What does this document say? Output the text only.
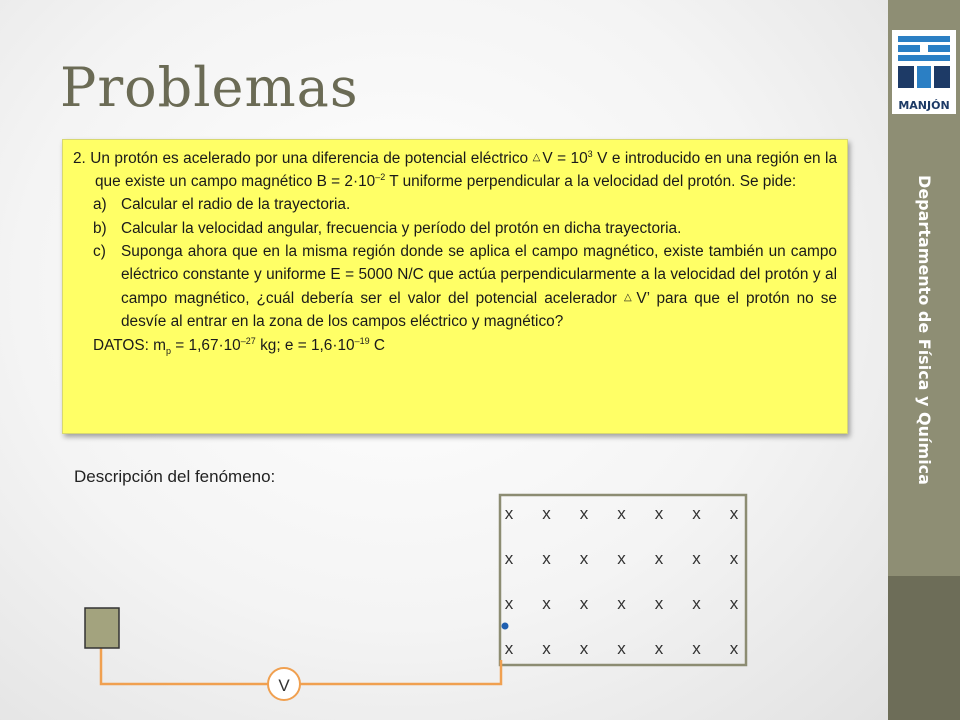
MANJÓN
Departamento de Física y Química
Problemas
2. Un protón es acelerado por una diferencia de potencial eléctrico △ $V = 10^3$ V e introducido en una región en la que existe un campo magnético $B = 2\cdot 10^{-2}$ T uniforme perpendicular a la velocidad del protón. Se pide:
a) Calcular el radio de la trayectoria.
b) Calcular la velocidad angular, frecuencia y período del protón en dicha trayectoria.
c) Suponga ahora que en la misma región donde se aplica el campo magnético, existe también un campo eléctrico constante y uniforme E = 5000 N/C que actúa perpendicularmente a la velocidad del protón y al campo magnético, ¿cuál debería ser el valor del potencial acelerador △ V’ para que el protón no se desvíe al entrar en la zona de los campos eléctrico y magnético?
DATOS: $m_p = 1,67\cdot 10^{-27}$ kg; $e = 1,6\cdot 10^{-19}$ C
Descripción del fenómeno:
x x x x x x x
x x x x x x x
x x x x x x x
x x x x x x x
V
